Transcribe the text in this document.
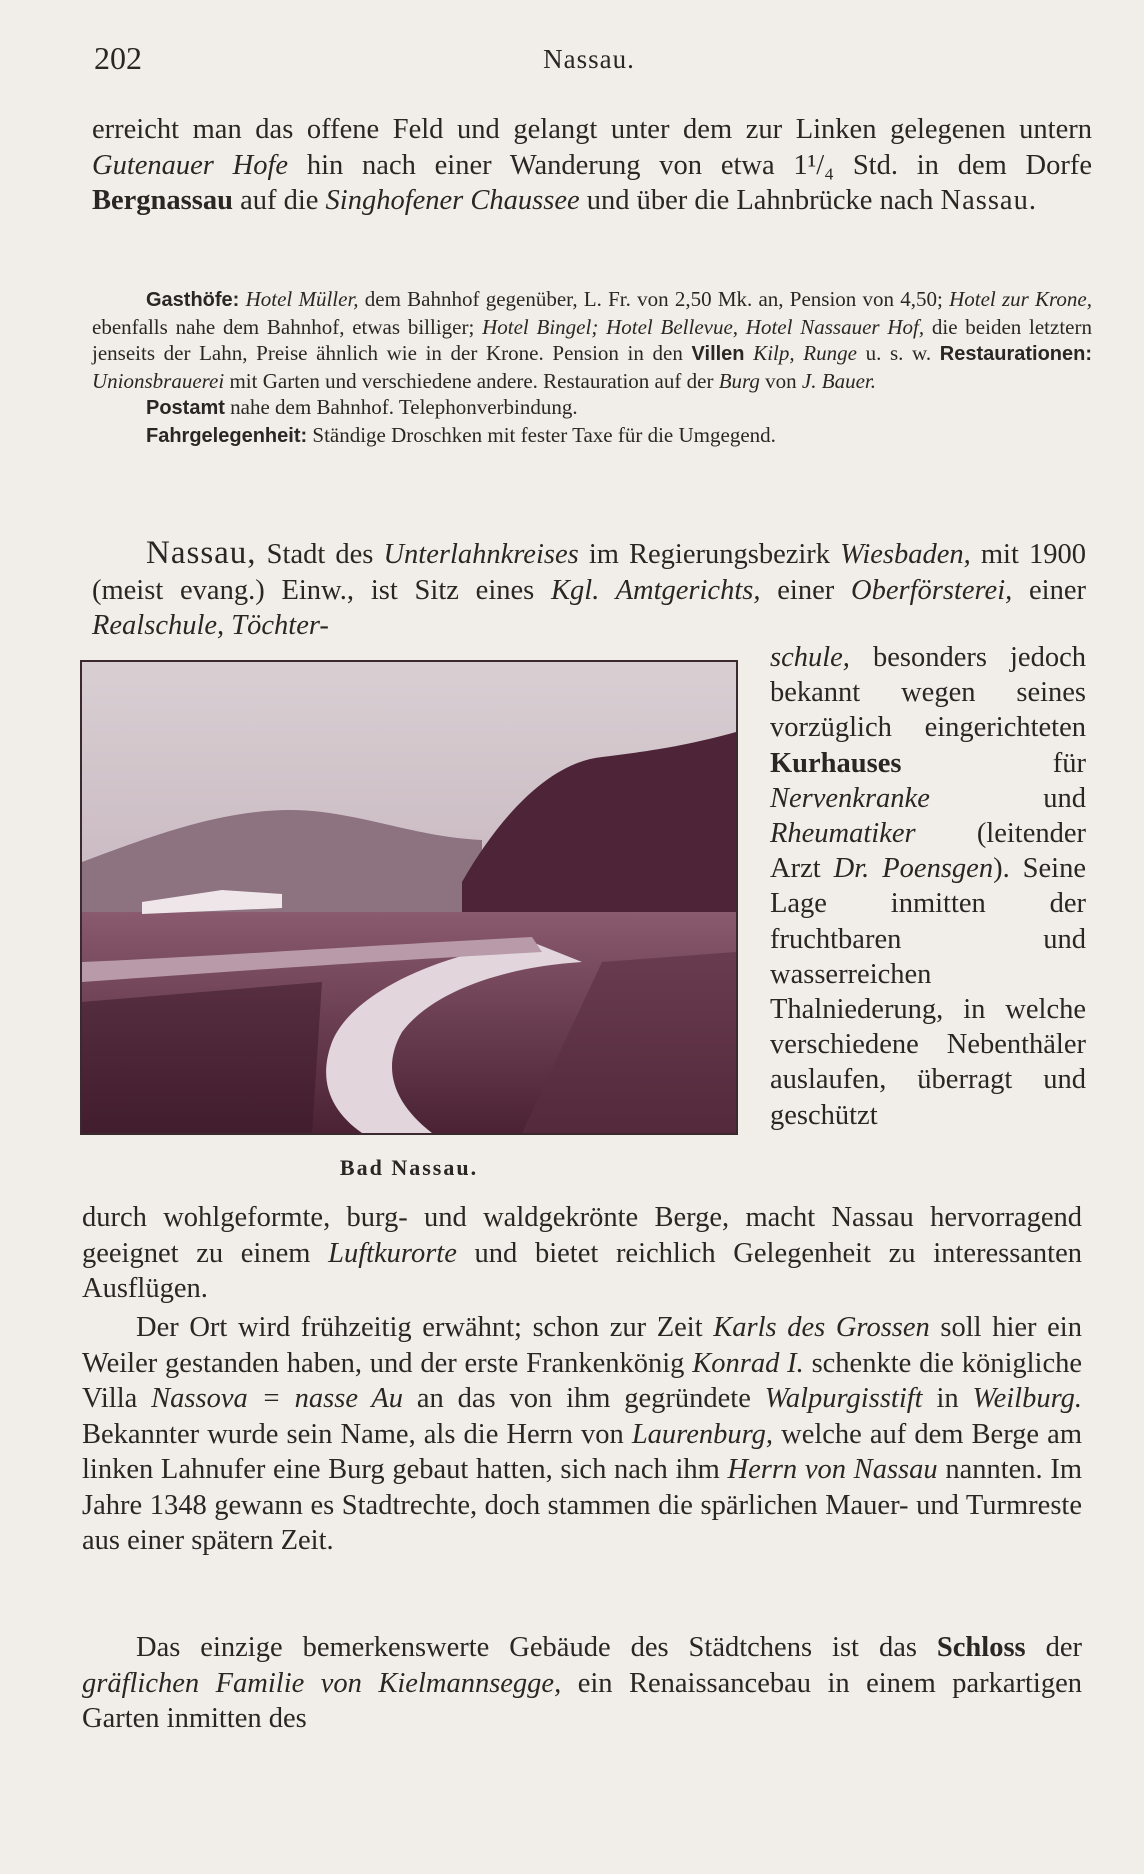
202	Nassau.

erreicht man das offene Feld und gelangt unter dem zur Linken gelegenen untern Gutenauer Hofe hin nach einer Wanderung von etwa 1¹/₄ Std. in dem Dorfe Bergnassau auf die Singhofener Chaussee und über die Lahnbrücke nach Nassau.

Gasthöfe: Hotel Müller, dem Bahnhof gegenüber, L. Fr. von 2,50 Mk. an, Pension von 4,50; Hotel zur Krone, ebenfalls nahe dem Bahnhof, etwas billiger; Hotel Bingel; Hotel Bellevue, Hotel Nassauer Hof, die beiden letztern jenseits der Lahn, Preise ähnlich wie in der Krone. Pension in den Villen Kilp, Runge u. s. w. Restaurationen: Unionsbrauerei mit Garten und verschiedene andere. Restauration auf der Burg von J. Bauer.

Postamt nahe dem Bahnhof. Telephonverbindung.

Fahrgelegenheit: Ständige Droschken mit fester Taxe für die Umgegend.

Nassau, Stadt des Unterlahnkreises im Regierungsbezirk Wiesbaden, mit 1900 (meist evang.) Einw., ist Sitz eines Kgl. Amtgerichts, einer Oberförsterei, einer Realschule, Töchter-

Bad Nassau.
schule, besonders jedoch bekannt wegen seines vorzüglich eingerichteten Kurhauses für Nervenkranke und Rheumatiker (leitender Arzt Dr. Poensgen). Seine Lage inmitten der fruchtbaren und wasserreichen Thalniederung, in welche verschiedene Nebenthäler auslaufen, überragt und geschützt

durch wohlgeformte, burg- und waldgekrönte Berge, macht Nassau hervorragend geeignet zu einem Luftkurorte und bietet reichlich Gelegenheit zu interessanten Ausflügen.

Der Ort wird frühzeitig erwähnt; schon zur Zeit Karls des Grossen soll hier ein Weiler gestanden haben, und der erste Frankenkönig Konrad I. schenkte die königliche Villa Nassova = nasse Au an das von ihm gegründete Walpurgisstift in Weilburg. Bekannter wurde sein Name, als die Herrn von Laurenburg, welche auf dem Berge am linken Lahnufer eine Burg gebaut hatten, sich nach ihm Herrn von Nassau nannten. Im Jahre 1348 gewann es Stadtrechte, doch stammen die spärlichen Mauer- und Turmreste aus einer spätern Zeit.

Das einzige bemerkenswerte Gebäude des Städtchens ist das Schloss der gräflichen Familie von Kielmannsegge, ein Renaissancebau in einem parkartigen Garten inmitten des
